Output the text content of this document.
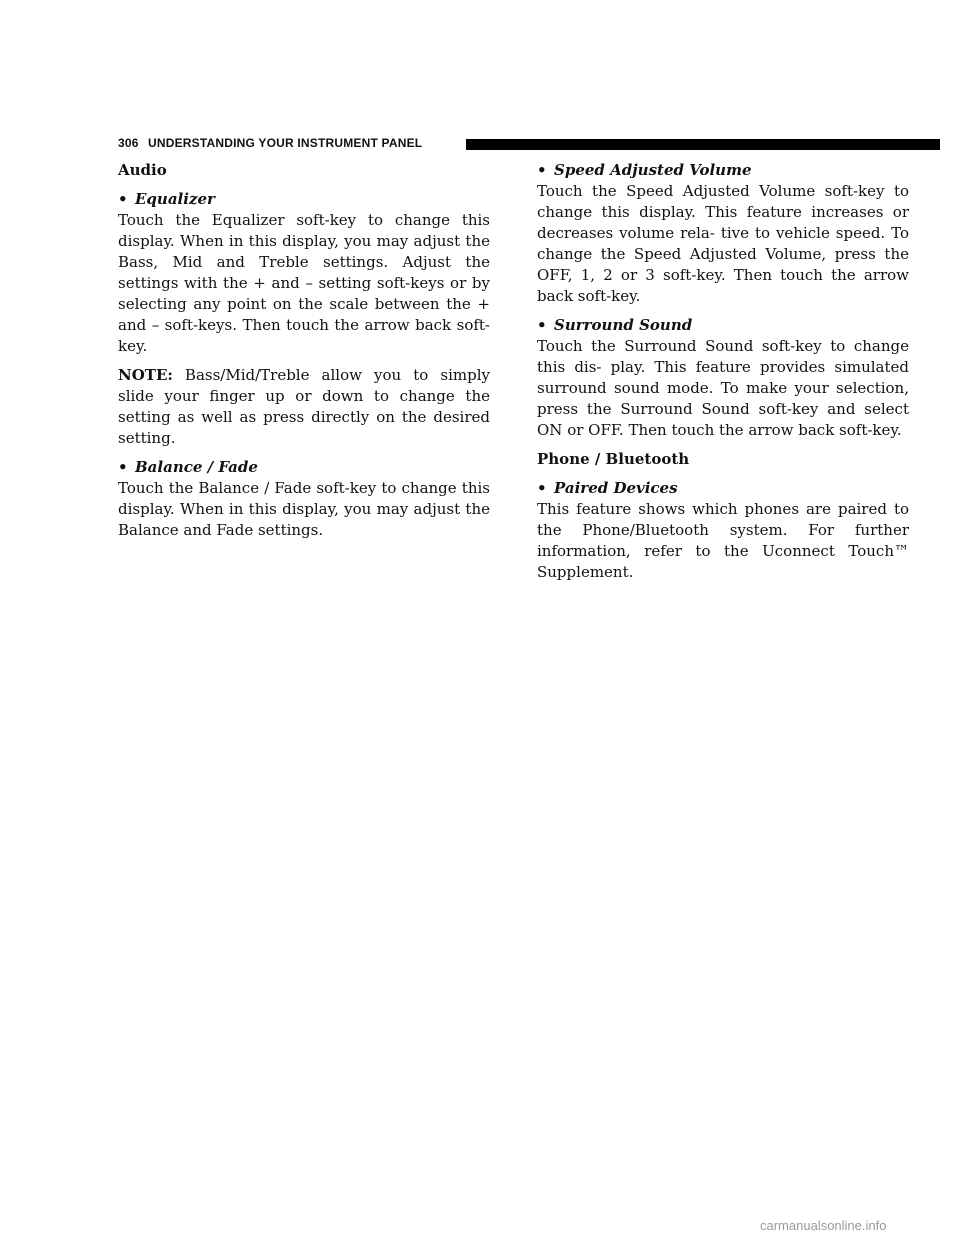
306 UNDERSTANDING YOUR INSTRUMENT PANEL
Audio
• Equalizer

Touch the Equalizer soft-key to change this display. When in this display, you may adjust the Bass, Mid and Treble settings. Adjust the settings with the + and – setting soft-keys or by selecting any point on the scale between the + and – soft-keys. Then touch the arrow back soft-key.

NOTE: Bass/Mid/Treble allow you to simply slide your finger up or down to change the setting as well as press directly on the desired setting.

• Balance / Fade

Touch the Balance / Fade soft-key to change this display. When in this display, you may adjust the Balance and Fade settings.

• Speed Adjusted Volume

Touch the Speed Adjusted Volume soft-key to change this display. This feature increases or decreases volume rela- tive to vehicle speed. To change the Speed Adjusted Volume, press the OFF, 1, 2 or 3 soft-key. Then touch the arrow back soft-key.

• Surround Sound

Touch the Surround Sound soft-key to change this dis- play. This feature provides simulated surround sound mode. To make your selection, press the Surround Sound soft-key and select ON or OFF. Then touch the arrow back soft-key.

Phone / Bluetooth
• Paired Devices

This feature shows which phones are paired to the Phone/Bluetooth system. For further information, refer to the Uconnect Touch™ Supplement.

carmanualsonline.info
